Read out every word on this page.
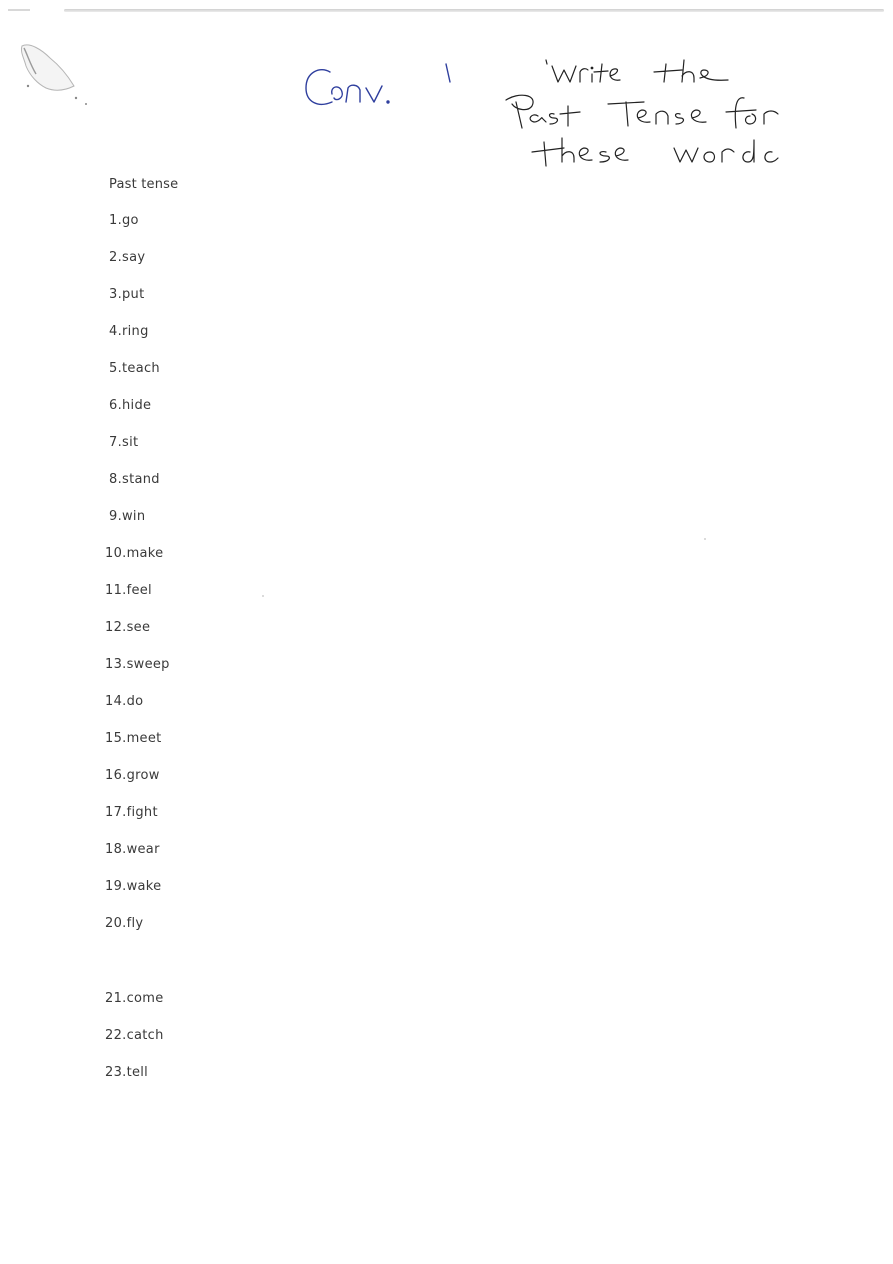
Past tense
1.go
2.say
3.put
4.ring
5.teach
6.hide
7.sit
8.stand
9.win
10.make
11.feel
12.see
13.sweep
14.do
15.meet
16.grow
17.fight
18.wear
19.wake
20.fly
21.come
22.catch
23.tell
